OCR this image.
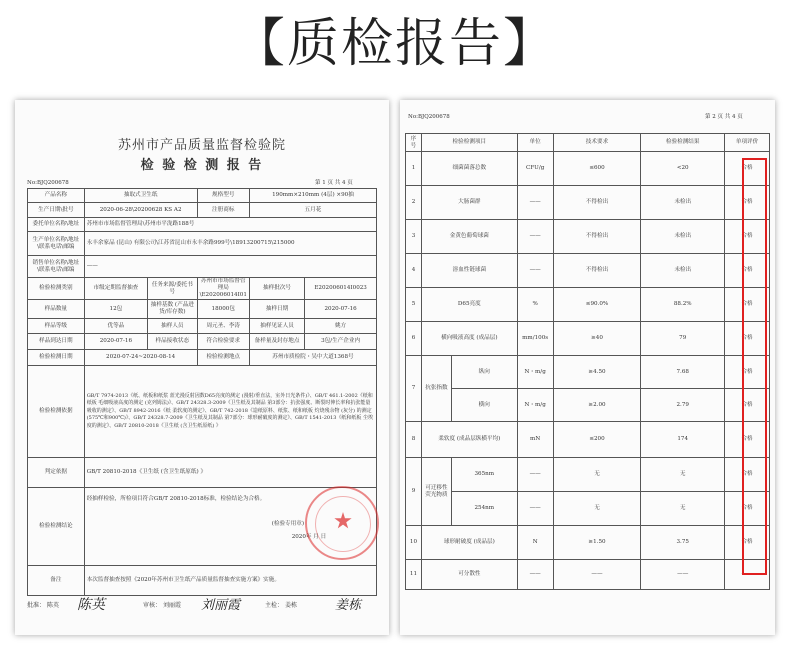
【质检报告】
苏州市产品质量监督检验院
检 验 检 测 报 告
No:BJQ200678	第 1 页 共 4 页
产品名称	抽取式卫生纸		规格型号	190mm×210mm (4层) ×90抽	
生产日期\批号	2020-06-28\20200628 KS A2		注册商标	五月花	
委托单位名称\地址	苏州市市场监督管理局\苏州市平泷路188号				
生产单位名称\地址\联系电话\邮编	永丰余家品 (昆山) 有限公司\江苏省昆山市永丰余路999号\18913200715\215000				
销售单位名称\地址\联系电话\邮编	——				
检验检测类别	市级定期监督抽查	任务来源/委托书号	苏州市市场监督管理局\E202006014I01	抽样批次号	E202006014I0023
样品数量	12包	抽样基数 (产品进货/库存数)	18000包	抽样日期	2020-07-16
样品等级	优等品	抽样人员	周元圣、李涛	抽样见证人员	姚方
样品到达日期	2020-07-16	样品接收状态	符合检验要求	备样量及封存地点	3包/生产企业内
检验检测日期	2020-07-24~2020-08-14		检验检测地点	苏州市质检院・吴中大道1368号	
检验检测依据	GB/T 7974-2013《纸、纸板和纸浆 蓝光漫反射因数D65亮度的测定 (漫射/垂直法，室外日光条件)》、GB/T 461.1-2002《纸和纸板 毛细吸液高度的测定 (克列姆法)》、GB/T 24328.3-2009《卫生纸及其制品 第3部分：抗张强度、断裂时伸长率和抗张能量吸收的测定》、GB/T 8942-2016《纸 柔软度的测定》、GB/T 742-2018《造纸原料、纸浆、纸和纸板 灼烧残余物 (灰分) 的测定 (575℃和900℃)》、GB/T 24328.7-2009《卫生纸及其制品 第7部分：球形耐破度的测定》、GB/T 1541-2013《纸和纸板 尘埃度的测定》、GB/T 20810-2018《卫生纸 (含卫生纸原纸) 》				
判定依据	GB/T 20810-2018《卫生纸 (含卫生纸原纸) 》				
检验检测结论	经抽样检验，所检项目符合GB/T 20810-2018标准，检验结论为合格。
(检验专用章)
2020年 月 日				

备注	本次监督抽查按照《2020年苏州市卫生纸产品质量监督抽查实施方案》实施。				
批准： 陈英 陈英	审核： 刘丽霞 刘丽霞	主检： 姜栋	姜栋
No:BJQ200678	第 2 页 共 4 页
序号	检验检测项目		单位	技术要求	检验检测结果	单项评价
1	细菌菌落总数		CFU/g	≤600	<20	合格
2	大肠菌群		——	不得检出	未检出	合格
3	金黄色葡萄球菌		——	不得检出	未检出	合格
4	溶血性链球菌		——	不得检出	未检出	合格
5	D65亮度		%	≤90.0%	88.2%	合格
6	横向吸液高度 (成品层)		mm/100s	≥40	79	合格
7	抗张指数	纵向	N・m/g	≥4.50	7.68	合格
		横向	N・m/g	≥2.00	2.79	合格
8	柔软度 (成品层纵横平均)		mN	≤200	174	合格
9	可迁移性荧光物质	365nm	——	无	无	合格
		254nm	——	无	无	合格
10	球形耐破度 (成品层)		N	≥1.50	3.75	合格
11	可分散性		——	——	——	——
